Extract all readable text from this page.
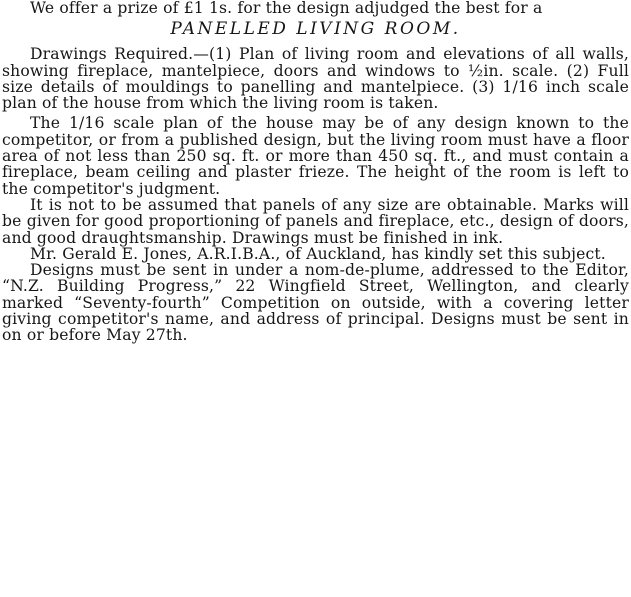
We offer a prize of £1 1s. for the design adjudged the best for a

PANELLED LIVING ROOM.

Drawings Required.—(1) Plan of living room and elevations of all walls, showing fireplace, mantelpiece, doors and windows to ½in. scale. (2) Full size details of mouldings to panelling and mantelpiece. (3) 1/16 inch scale plan of the house from which the living room is taken.

The 1/16 scale plan of the house may be of any design known to the competitor, or from a published design, but the living room must have a floor area of not less than 250 sq. ft. or more than 450 sq. ft., and must contain a fireplace, beam ceiling and plaster frieze. The height of the room is left to the competitor's judgment.

It is not to be assumed that panels of any size are obtainable. Marks will be given for good proportioning of panels and fireplace, etc., design of doors, and good draughtsmanship. Drawings must be finished in ink.

Mr. Gerald E. Jones, A.R.I.B.A., of Auckland, has kindly set this subject.

Designs must be sent in under a nom-de-plume, addressed to the Editor, “N.Z. Building Progress,” 22 Wingfield Street, Wellington, and clearly marked “Seventy-fourth” Competition on outside, with a covering letter giving competitor's name, and address of principal. Designs must be sent in on or before May 27th.
